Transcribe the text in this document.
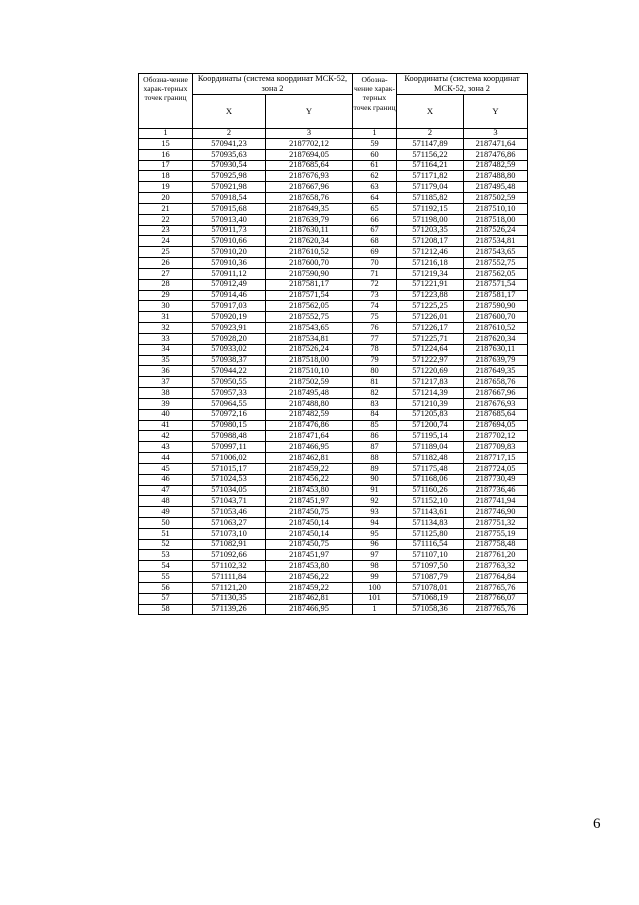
Обозна-чение харак-терных точек границ	Координаты (система координат МСК-52, зона 2		Обозна-чение харак-терных точек границ	Координаты (система координат МСК-52, зона 2	
	X	Y		X	Y
1	2	3	1	2	3
15	570941,23	2187702,12	59	571147,89	2187471,64
16	570935,63	2187694,05	60	571156,22	2187476,86
17	570930,54	2187685,64	61	571164,21	2187482,59
18	570925,98	2187676,93	62	571171,82	2187488,80
19	570921,98	2187667,96	63	571179,04	2187495,48
20	570918,54	2187658,76	64	571185,82	2187502,59
21	570915,68	2187649,35	65	571192,15	2187510,10
22	570913,40	2187639,79	66	571198,00	2187518,00
23	570911,73	2187630,11	67	571203,35	2187526,24
24	570910,66	2187620,34	68	571208,17	2187534,81
25	570910,20	2187610,52	69	571212,46	2187543,65
26	570910,36	2187600,70	70	571216,18	2187552,75
27	570911,12	2187590,90	71	571219,34	2187562,05
28	570912,49	2187581,17	72	571221,91	2187571,54
29	570914,46	2187571,54	73	571223,88	2187581,17
30	570917,03	2187562,05	74	571225,25	2187590,90
31	570920,19	2187552,75	75	571226,01	2187600,70
32	570923,91	2187543,65	76	571226,17	2187610,52
33	570928,20	2187534,81	77	571225,71	2187620,34
34	570933,02	2187526,24	78	571224,64	2187630,11
35	570938,37	2187518,00	79	571222,97	2187639,79
36	570944,22	2187510,10	80	571220,69	2187649,35
37	570950,55	2187502,59	81	571217,83	2187658,76
38	570957,33	2187495,48	82	571214,39	2187667,96
39	570964,55	2187488,80	83	571210,39	2187676,93
40	570972,16	2187482,59	84	571205,83	2187685,64
41	570980,15	2187476,86	85	571200,74	2187694,05
42	570988,48	2187471,64	86	571195,14	2187702,12
43	570997,11	2187466,95	87	571189,04	2187709,83
44	571006,02	2187462,81	88	571182,48	2187717,15
45	571015,17	2187459,22	89	571175,48	2187724,05
46	571024,53	2187456,22	90	571168,06	2187730,49
47	571034,05	2187453,80	91	571160,26	2187736,46
48	571043,71	2187451,97	92	571152,10	2187741,94
49	571053,46	2187450,75	93	571143,61	2187746,90
50	571063,27	2187450,14	94	571134,83	2187751,32
51	571073,10	2187450,14	95	571125,80	2187755,19
52	571082,91	2187450,75	96	571116,54	2187758,48
53	571092,66	2187451,97	97	571107,10	2187761,20
54	571102,32	2187453,80	98	571097,50	2187763,32
55	571111,84	2187456,22	99	571087,79	2187764,84
56	571121,20	2187459,22	100	571078,01	2187765,76
57	571130,35	2187462,81	101	571068,19	2187766,07
58	571139,26	2187466,95	1	571058,36	2187765,76
6
